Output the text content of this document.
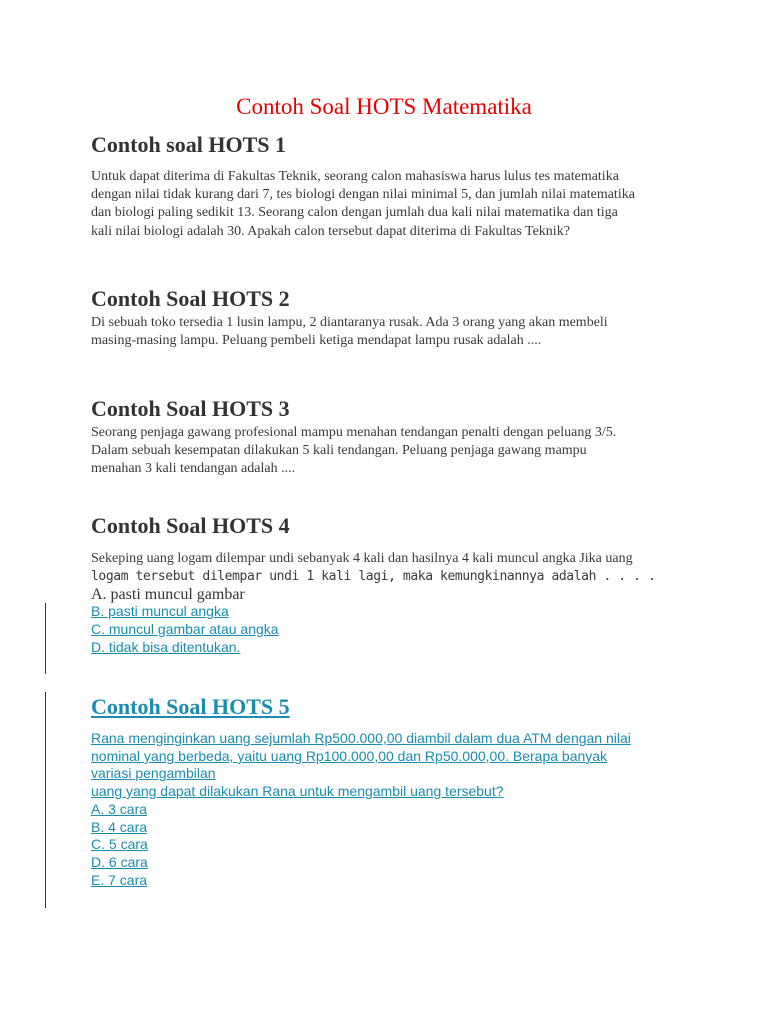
Contoh Soal HOTS Matematika
Contoh soal HOTS 1

Untuk dapat diterima di Fakultas Teknik, seorang calon mahasiswa harus lulus tes matematika
dengan nilai tidak kurang dari 7, tes biologi dengan nilai minimal 5, dan jumlah nilai matematika
dan biologi paling sedikit 13. Seorang calon dengan jumlah dua kali nilai matematika dan tiga
kali nilai biologi adalah 30. Apakah calon tersebut dapat diterima di Fakultas Teknik?

Contoh Soal HOTS 2

Di sebuah toko tersedia 1 lusin lampu, 2 diantaranya rusak. Ada 3 orang yang akan membeli
masing-masing lampu. Peluang pembeli ketiga mendapat lampu rusak adalah ....

Contoh Soal HOTS 3

Seorang penjaga gawang profesional mampu menahan tendangan penalti dengan peluang 3/5.
Dalam sebuah kesempatan dilakukan 5 kali tendangan. Peluang penjaga gawang mampu
menahan 3 kali tendangan adalah ....

Contoh Soal HOTS 4

Sekeping uang logam dilempar undi sebanyak 4 kali dan hasilnya 4 kali muncul angka Jika uang
logam tersebut dilempar undi 1 kali lagi, maka kemungkinannya adalah . . . .

A. pasti muncul gambar
B. pasti muncul angka
C. muncul gambar atau angka
D. tidak bisa ditentukan.
Contoh Soal HOTS 5
Rana menginginkan uang sejumlah Rp500.000,00 diambil dalam dua ATM dengan nilai
nominal yang berbeda, yaitu uang Rp100.000,00 dan Rp50.000,00. Berapa banyak
variasi pengambilan
uang yang dapat dilakukan Rana untuk mengambil uang tersebut?
A. 3 cara
B. 4 cara
C. 5 cara
D. 6 cara
E. 7 cara
